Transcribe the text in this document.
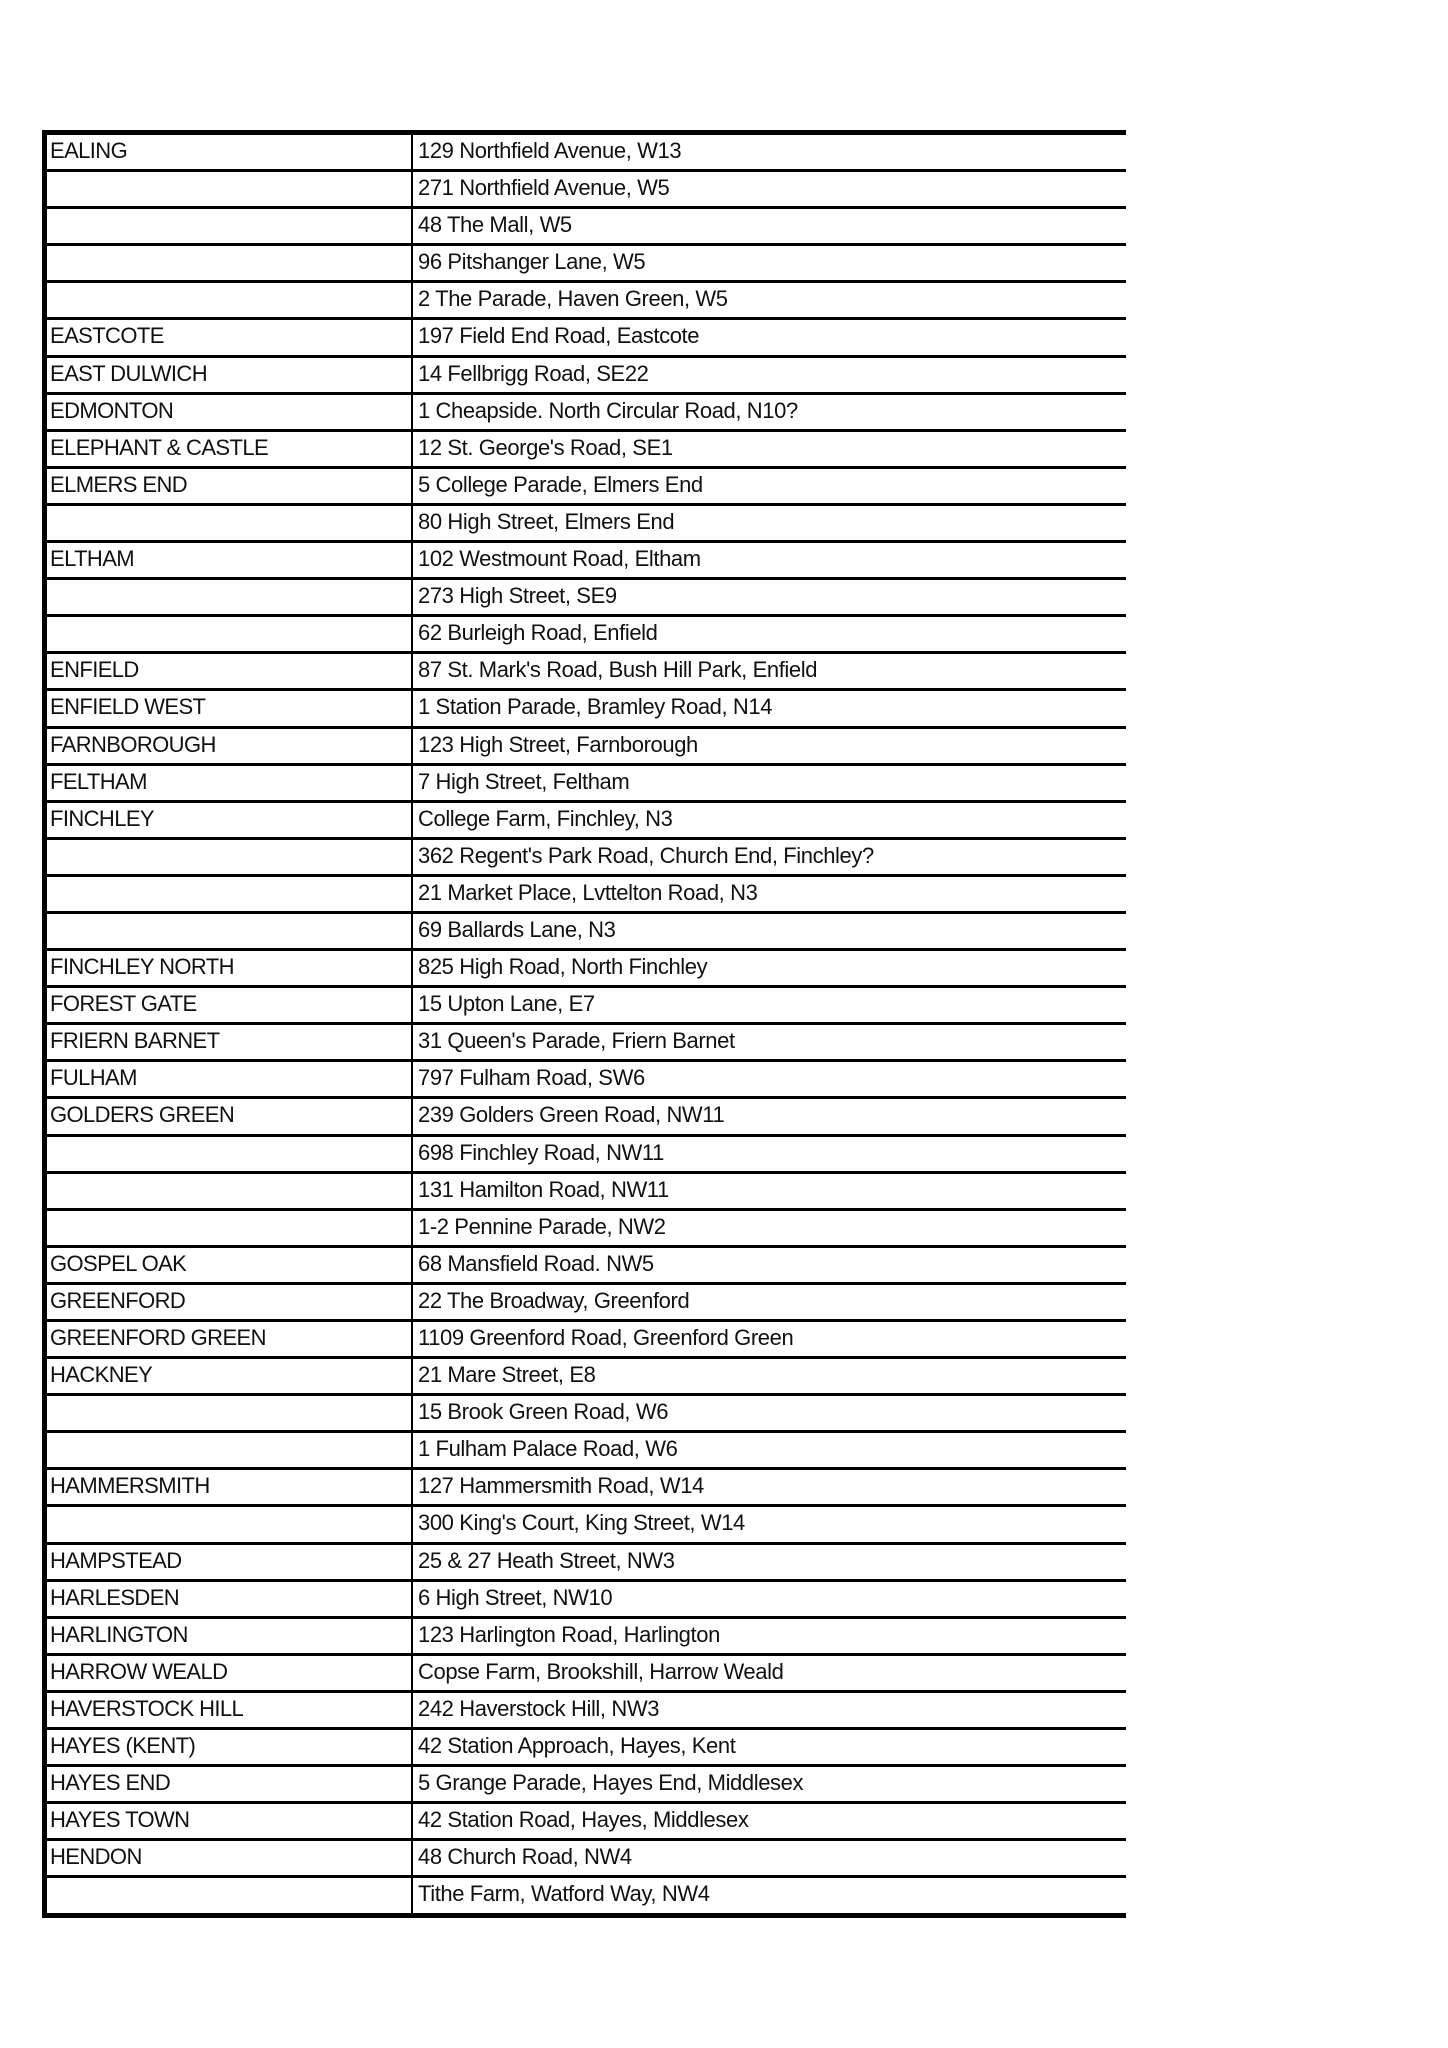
EALING	129 Northfield Avenue, W13
271 Northfield Avenue, W5
48 The Mall, W5
96 Pitshanger Lane, W5
2 The Parade, Haven Green, W5
EASTCOTE	197 Field End Road, Eastcote
EAST DULWICH	14 Fellbrigg Road, SE22
EDMONTON	1 Cheapside. North Circular Road, N10?
ELEPHANT & CASTLE	12 St. George's Road, SE1
ELMERS END	5 College Parade, Elmers End
80 High Street, Elmers End
ELTHAM	102 Westmount Road, Eltham
273 High Street, SE9
62 Burleigh Road, Enfield
ENFIELD	87 St. Mark's Road, Bush Hill Park, Enfield
ENFIELD WEST	1 Station Parade, Bramley Road, N14
FARNBOROUGH	123 High Street, Farnborough
FELTHAM	7 High Street, Feltham
FINCHLEY	College Farm, Finchley, N3
362 Regent's Park Road, Church End, Finchley?
21 Market Place, Lvttelton Road, N3
69 Ballards Lane, N3
FINCHLEY NORTH	825 High Road, North Finchley
FOREST GATE	15 Upton Lane, E7
FRIERN BARNET	31 Queen's Parade, Friern Barnet
FULHAM	797 Fulham Road, SW6
GOLDERS GREEN	239 Golders Green Road, NW11
698 Finchley Road, NW11
131 Hamilton Road, NW11
1-2 Pennine Parade, NW2
GOSPEL OAK	68 Mansfield Road. NW5
GREENFORD	22 The Broadway, Greenford
GREENFORD GREEN	1109 Greenford Road, Greenford Green
HACKNEY	21 Mare Street, E8
15 Brook Green Road, W6
1 Fulham Palace Road, W6
HAMMERSMITH	127 Hammersmith Road, W14
300 King's Court, King Street, W14
HAMPSTEAD	25 & 27 Heath Street, NW3
HARLESDEN	6 High Street, NW10
HARLINGTON	123 Harlington Road, Harlington
HARROW WEALD	Copse Farm, Brookshill, Harrow Weald
HAVERSTOCK HILL	242 Haverstock Hill, NW3
HAYES (KENT)	42 Station Approach, Hayes, Kent
HAYES END	5 Grange Parade, Hayes End, Middlesex
HAYES TOWN	42 Station Road, Hayes, Middlesex
HENDON	48 Church Road, NW4
Tithe Farm, Watford Way, NW4
